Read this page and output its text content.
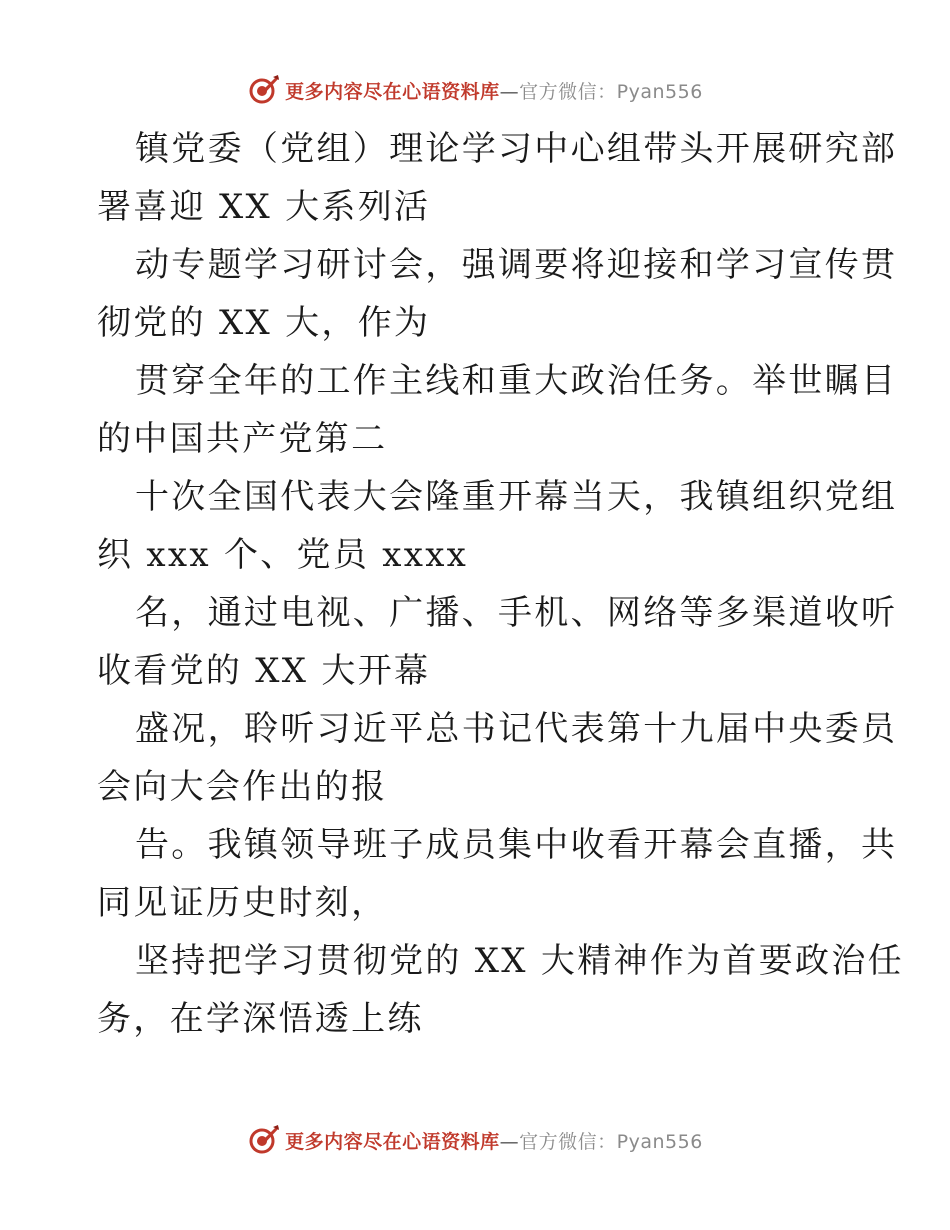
更多内容尽在心语资料库—官方微信：Pyan556
镇党委（党组）理论学习中心组带头开展研究部
署喜迎 XX 大系列活
动专题学习研讨会，强调要将迎接和学习宣传贯
彻党的 XX 大，作为
贯穿全年的工作主线和重大政治任务。举世瞩目
的中国共产党第二
十次全国代表大会隆重开幕当天，我镇组织党组
织 xxx 个、党员 xxxx
名，通过电视、广播、手机、网络等多渠道收听
收看党的 XX 大开幕
盛况，聆听习近平总书记代表第十九届中央委员
会向大会作出的报
告。我镇领导班子成员集中收看开幕会直播，共
同见证历史时刻，
坚持把学习贯彻党的 XX 大精神作为首要政治任
务，在学深悟透上练
更多内容尽在心语资料库—官方微信：Pyan556
